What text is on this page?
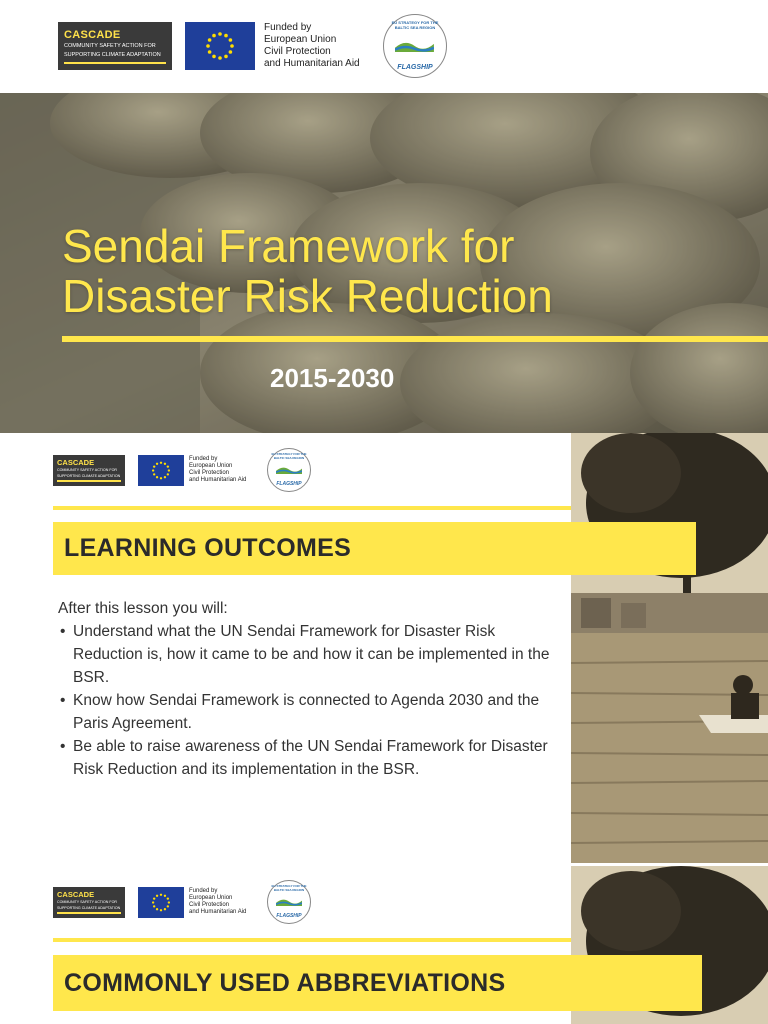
CASCADE
COMMUNITY SAFETY ACTION FOR
SUPPORTING CLIMATE ADAPTATION
Funded by
European Union
Civil Protection
and Humanitarian Aid
EU STRATEGY FOR THE BALTIC SEA REGION
FLAGSHIP
Sendai Framework for
Disaster Risk Reduction
2015-2030
CASCADE
COMMUNITY SAFETY ACTION FOR
SUPPORTING CLIMATE ADAPTATION
Funded by
European Union
Civil Protection
and Humanitarian Aid
EU STRATEGY FOR THE BALTIC SEA REGION
FLAGSHIP
LEARNING OUTCOMES

After this lesson you will:

• Understand what the UN Sendai Framework for Disaster Risk Reduction is, how it came to be and how it can be implemented in the BSR.
• Know how Sendai Framework is connected to Agenda 2030 and the Paris Agreement.
• Be able to raise awareness of the UN Sendai Framework for Disaster Risk Reduction and its implementation in the BSR.
CASCADE
COMMUNITY SAFETY ACTION FOR
SUPPORTING CLIMATE ADAPTATION
Funded by
European Union
Civil Protection
and Humanitarian Aid
EU STRATEGY FOR THE BALTIC SEA REGION
FLAGSHIP
COMMONLY USED ABBREVIATIONS
